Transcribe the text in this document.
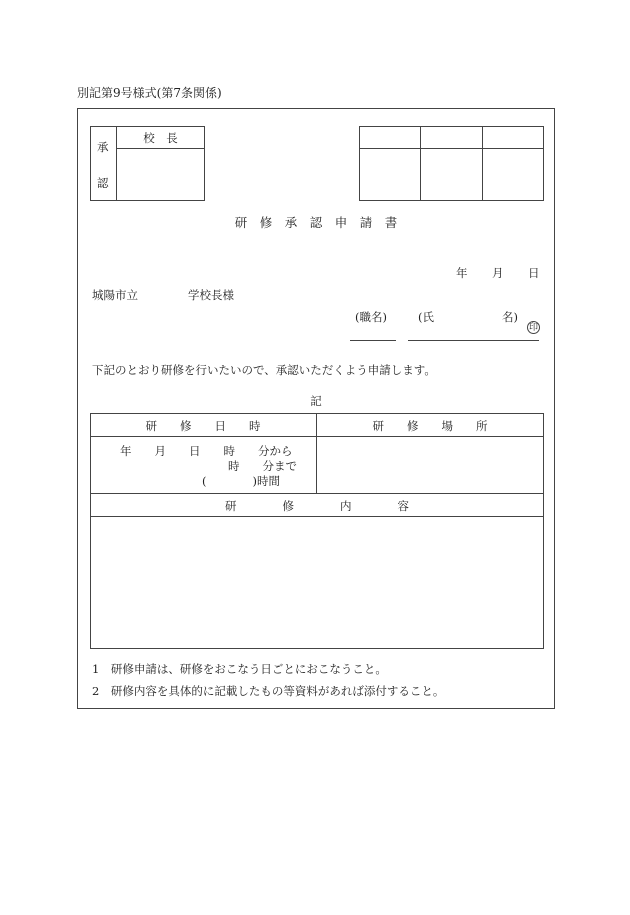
別記第9号様式(第7条関係)
承
認
校　長
研　修　承　認　申　請　書
年 月 日
城陽市立	学校長様
(職名)	(氏	名)
印
下記のとおり研修を行いたいので、承認いただくよう申請します。
記
研　　修　　日　　時	研　　修　　場　　所
年　　月　　日　　時　　分から
時　　分まで
(　　　　)時間
研　　　　修　　　　内　　　　容
1　研修申請は、研修をおこなう日ごとにおこなうこと。
2　研修内容を具体的に記載したもの等資料があれば添付すること。
